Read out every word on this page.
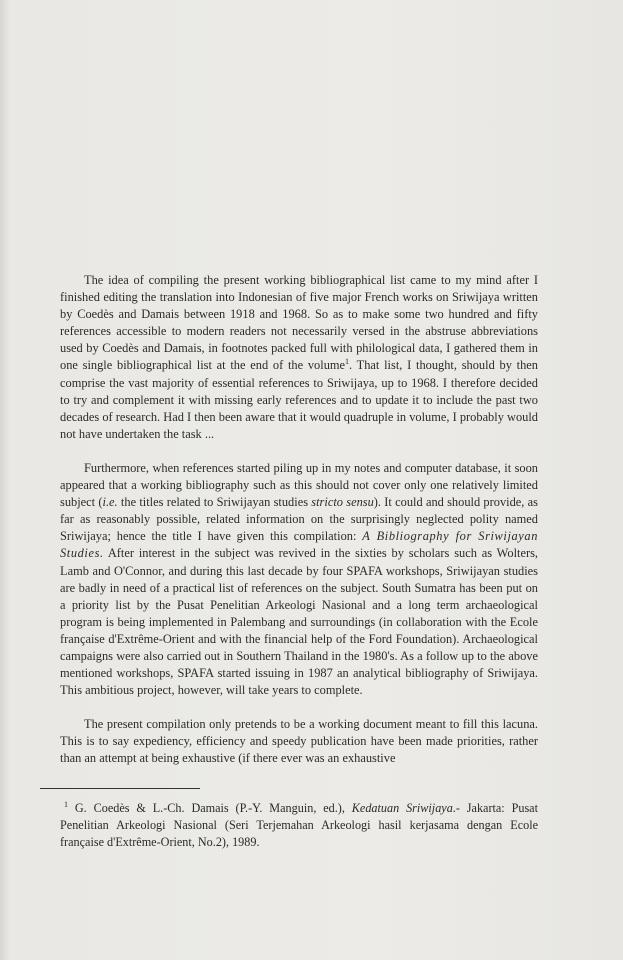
The idea of compiling the present working bibliographical list came to my mind after I finished editing the translation into Indonesian of five major French works on Sriwijaya written by Coedès and Damais between 1918 and 1968. So as to make some two hundred and fifty references accessible to modern readers not necessarily versed in the abstruse abbreviations used by Coedès and Damais, in footnotes packed full with philological data, I gathered them in one single bibliographical list at the end of the volume$^1$. That list, I thought, should by then comprise the vast majority of essential references to Sriwijaya, up to 1968. I therefore decided to try and complement it with missing early references and to update it to include the past two decades of research. Had I then been aware that it would quadruple in volume, I probably would not have undertaken the task ...

Furthermore, when references started piling up in my notes and computer database, it soon appeared that a working bibliography such as this should not cover only one relatively limited subject (i.e. the titles related to Sriwijayan studies stricto sensu). It could and should provide, as far as reasonably possible, related information on the surprisingly neglected polity named Sriwijaya; hence the title I have given this compilation: A Bibliography for Sriwijayan Studies. After interest in the subject was revived in the sixties by scholars such as Wolters, Lamb and O'Connor, and during this last decade by four SPAFA workshops, Sriwijayan studies are badly in need of a practical list of references on the subject. South Sumatra has been put on a priority list by the Pusat Penelitian Arkeologi Nasional and a long term archaeological program is being implemented in Palembang and surroundings (in collaboration with the Ecole française d'Extrême-Orient and with the financial help of the Ford Foundation). Archaeological campaigns were also carried out in Southern Thailand in the 1980's. As a follow up to the above mentioned workshops, SPAFA started issuing in 1987 an analytical bibliography of Sriwijaya. This ambitious project, however, will take years to complete.

The present compilation only pretends to be a working document meant to fill this lacuna. This is to say expediency, efficiency and speedy publication have been made priorities, rather than an attempt at being exhaustive (if there ever was an exhaustive

$^1$ G. Coedès & L.-Ch. Damais (P.-Y. Manguin, ed.), Kedatuan Sriwijaya.- Jakarta: Pusat Penelitian Arkeologi Nasional (Seri Terjemahan Arkeologi hasil kerjasama dengan Ecole française d'Extrême-Orient, No.2), 1989.
